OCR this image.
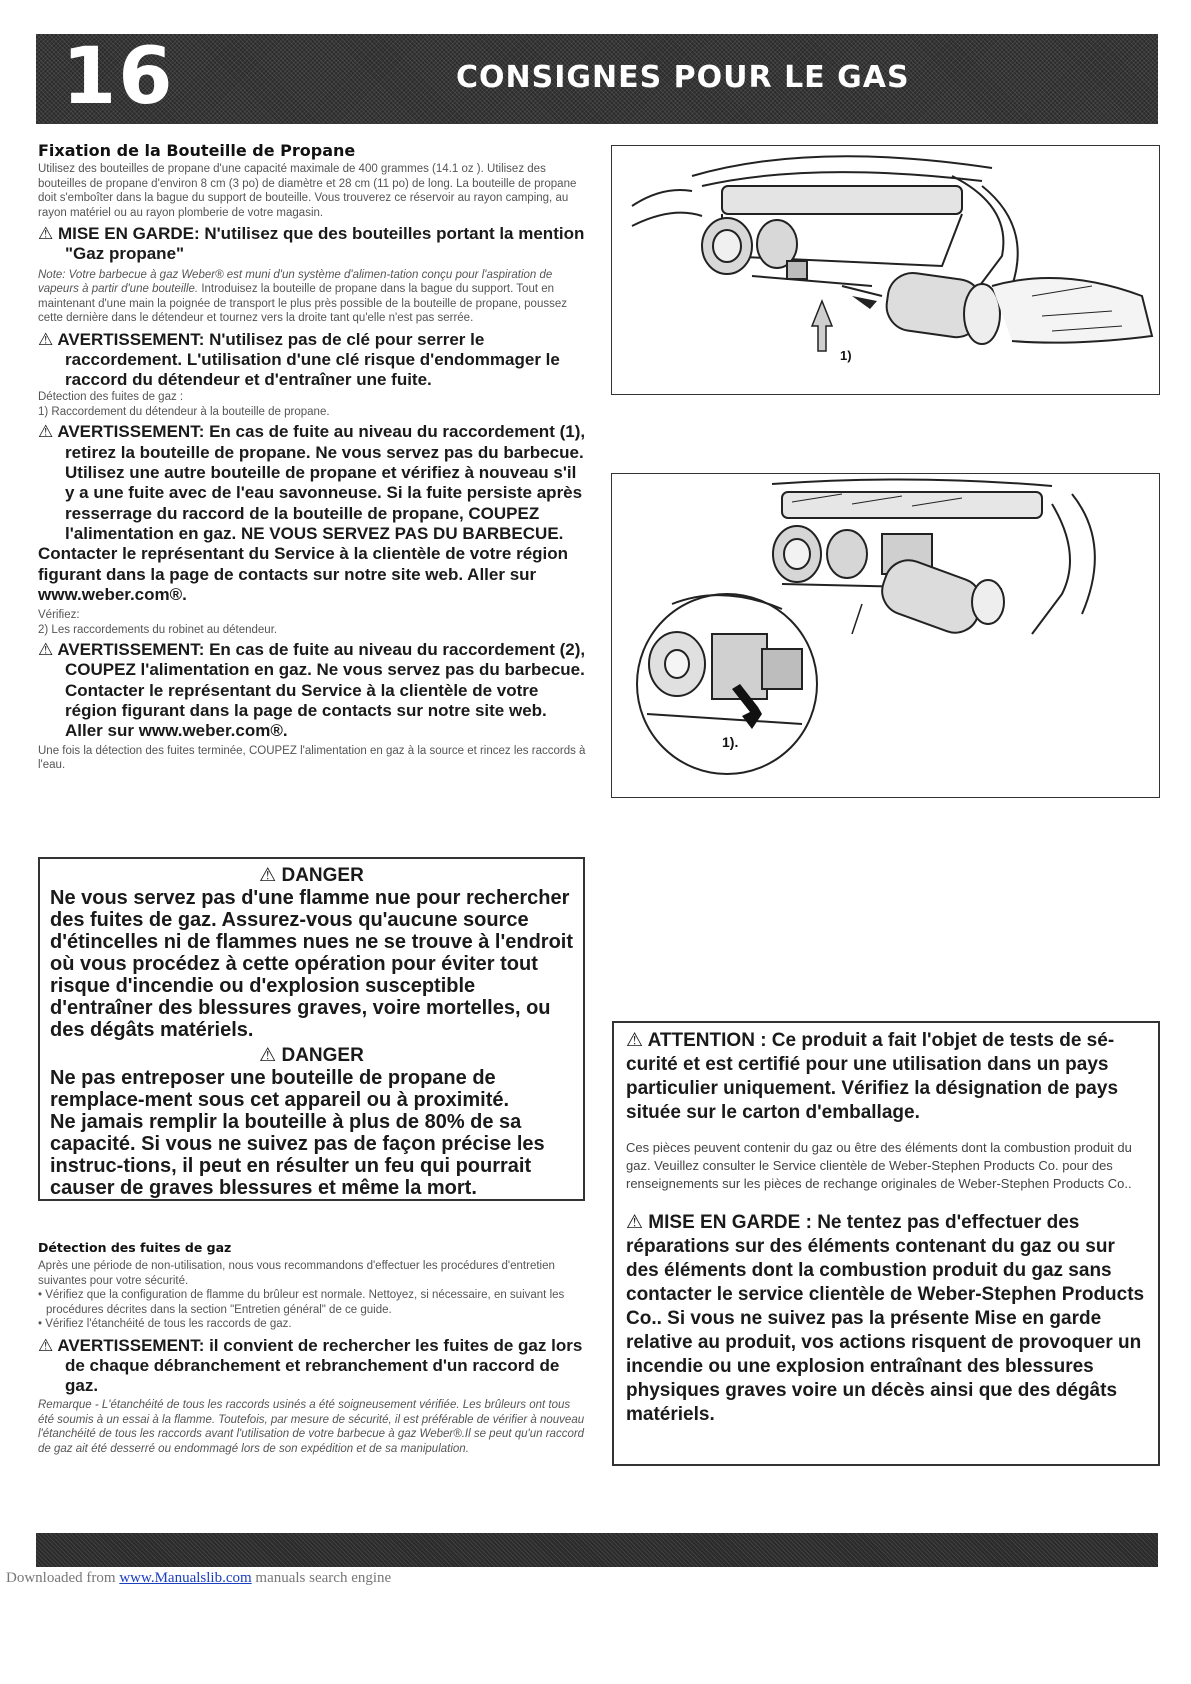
16	CONSIGNES POUR LE GAS

Fixation de la Bouteille de Propane

Utilisez des bouteilles de propane d'une capacité maximale de 400 grammes (14.1 oz ). Utilisez des bouteilles de propane d'environ 8 cm (3 po) de diamètre et 28 cm (11 po) de long. La bouteille de propane doit s'emboîter dans la bague du support de bouteille. Vous trouverez ce réservoir au rayon camping, au rayon matériel ou au rayon plomberie de votre magasin.

⚠ MISE EN GARDE: N'utilisez que des bouteilles portant la mention "Gaz propane"

Note: Votre barbecue à gaz Weber® est muni d'un système d'alimen-tation conçu pour l'aspiration de vapeurs à partir d'une bouteille. Introduisez la bouteille de propane dans la bague du support. Tout en maintenant d'une main la poignée de transport le plus près possible de la bouteille de propane, poussez cette dernière dans le détendeur et tournez vers la droite tant qu'elle n'est pas serrée.

⚠ AVERTISSEMENT: N'utilisez pas de clé pour serrer le raccordement. L'utilisation d'une clé risque d'endommager le raccord du détendeur et d'entraîner une fuite.

Détection des fuites de gaz :

1) Raccordement du détendeur à la bouteille de propane.

⚠ AVERTISSEMENT: En cas de fuite au niveau du raccordement (1), retirez la bouteille de propane. Ne vous servez pas du barbecue. Utilisez une autre bouteille de propane et vérifiez à nouveau s'il y a une fuite avec de l'eau savonneuse. Si la fuite persiste après resserrage du raccord de la bouteille de propane, COUPEZ l'alimentation en gaz. NE VOUS SERVEZ PAS DU BARBECUE.

Contacter le représentant du Service à la clientèle de votre région figurant dans la page de contacts sur notre site web. Aller sur www.weber.com®.

Vérifiez:

2) Les raccordements du robinet au détendeur.

⚠ AVERTISSEMENT: En cas de fuite au niveau du raccordement (2), COUPEZ l'alimentation en gaz. Ne vous servez pas du barbecue. Contacter le représentant du Service à la clientèle de votre région figurant dans la page de contacts sur notre site web. Aller sur www.weber.com®.

Une fois la détection des fuites terminée, COUPEZ l'alimentation en gaz à la source et rincez les raccords à l'eau.

⚠ DANGER

Ne vous servez pas d'une flamme nue pour rechercher des fuites de gaz. Assurez-vous qu'aucune source d'étincelles ni de flammes nues ne se trouve à l'endroit où vous procédez à cette opération pour éviter tout risque d'incendie ou d'explosion susceptible d'entraîner des blessures graves, voire mortelles, ou des dégâts matériels.

⚠ DANGER

Ne pas entreposer une bouteille de propane de remplace-ment sous cet appareil ou à proximité.

Ne jamais remplir la bouteille à plus de 80% de sa capacité. Si vous ne suivez pas de façon précise les instruc-tions, il peut en résulter un feu qui pourrait causer de graves blessures et même la mort.

Détection des fuites de gaz

Après une période de non-utilisation, nous vous recommandons d'effectuer les procédures d'entretien suivantes pour votre sécurité.

• Vérifiez que la configuration de flamme du brûleur est normale. Nettoyez, si nécessaire, en suivant les procédures décrites dans la section "Entretien général" de ce guide.

• Vérifiez l'étanchéité de tous les raccords de gaz.

⚠ AVERTISSEMENT: il convient de rechercher les fuites de gaz lors de chaque débranchement et rebranchement d'un raccord de gaz.

Remarque - L'étanchéité de tous les raccords usinés a été soigneusement vérifiée. Les brûleurs ont tous été soumis à un essai à la flamme. Toutefois, par mesure de sécurité, il est préférable de vérifier à nouveau l'étanchéité de tous les raccords avant l'utilisation de votre barbecue à gaz Weber®.Il se peut qu'un raccord de gaz ait été desserré ou endommagé lors de son expédition et de sa manipulation.

1)
1).

⚠ ATTENTION : Ce produit a fait l'objet de tests de sé-curité et est certifié pour une utilisation dans un pays particulier uniquement. Vérifiez la désignation de pays située sur le carton d'emballage.

Ces pièces peuvent contenir du gaz ou être des éléments dont la combustion produit du gaz. Veuillez consulter le Service clientèle de Weber-Stephen Products Co. pour des renseignements sur les pièces de rechange originales de Weber-Stephen Products Co..

⚠ MISE EN GARDE : Ne tentez pas d'effectuer des réparations sur des éléments contenant du gaz ou sur des éléments dont la combustion produit du gaz sans contacter le service clientèle de Weber-Stephen Products Co.. Si vous ne suivez pas la présente Mise en garde relative au produit, vos actions risquent de provoquer un incendie ou une explosion entraînant des blessures physiques graves voire un décès ainsi que des dégâts matériels.

Downloaded from www.Manualslib.com manuals search engine
